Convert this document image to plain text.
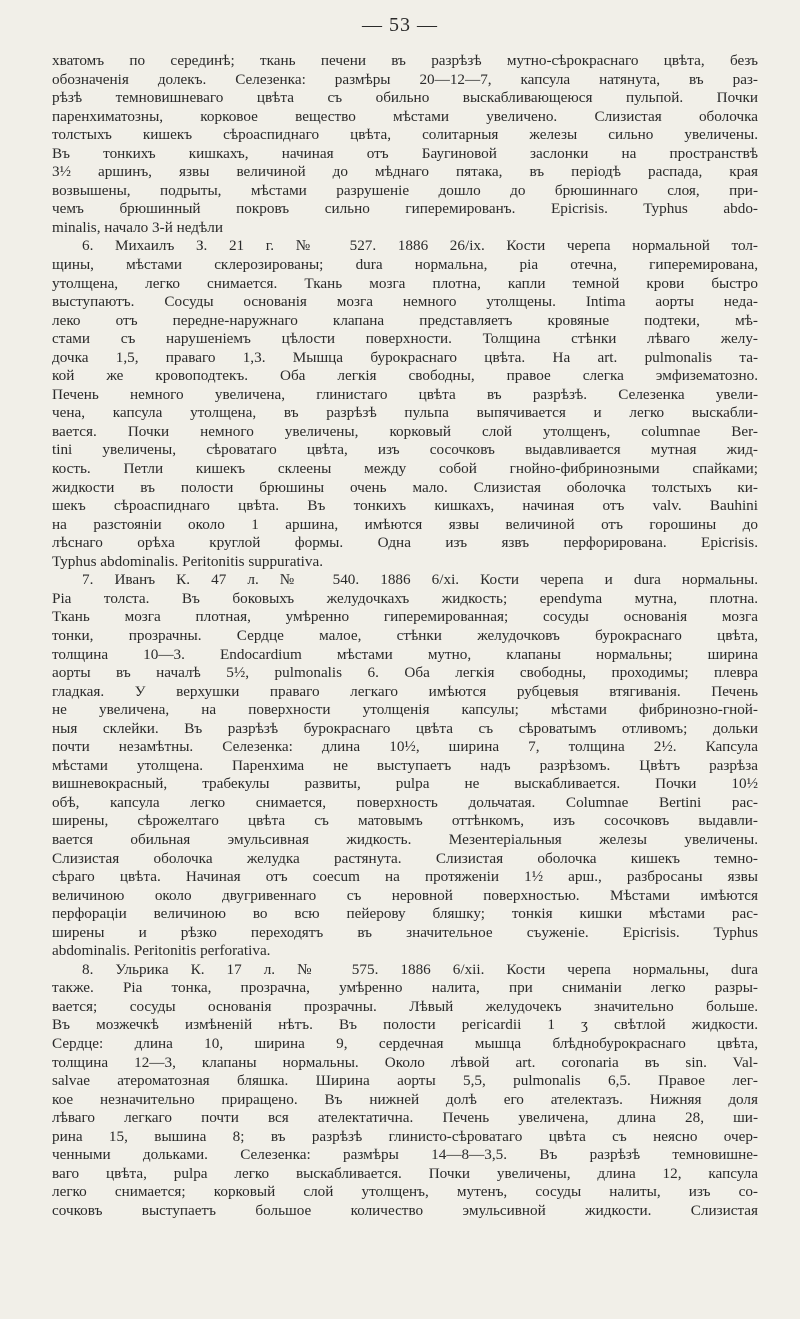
— 53 —
хватомъ по серединѣ; ткань печени въ разрѣзѣ мутно-сѣрокраснаго цвѣта, безъ
обозначенія долекъ. Селезенка: размѣры 20—12—7, капсула натянута, въ раз-
рѣзѣ темновишневаго цвѣта съ обильно выскабливающеюся пульпой. Почки
паренхиматозны, корковое вещество мѣстами увеличено. Слизистая оболочка
толстыхъ кишекъ сѣроаспиднаго цвѣта, солитарныя железы сильно увеличены.
Въ тонкихъ кишкахъ, начиная отъ Баугиновой заслонки на пространствѣ
3½ аршинъ, язвы величиной до мѣднаго пятака, въ періодѣ распада, края
возвышены, подрыты, мѣстами разрушеніе дошло до брюшиннаго слоя, при-
чемъ брюшинный покровъ сильно гиперемированъ. Epicrisis. Typhus abdo-
minalis, начало 3-й недѣли
6. Михаилъ З. 21 г. № 527. 1886 26/ix. Кости черепа нормальной тол-
щины, мѣстами склерозированы; dura нормальна, pia отечна, гиперемирована,
утолщена, легко снимается. Ткань мозга плотна, капли темной крови быстро
выступаютъ. Сосуды основанія мозга немного утолщены. Intima аорты неда-
леко отъ передне-наружнаго клапана представляетъ кровяные подтеки, мѣ-
стами съ нарушеніемъ цѣлости поверхности. Толщина стѣнки лѣваго желу-
дочка 1,5, праваго 1,3. Мышца бурокраснаго цвѣта. На art. pulmonalis та-
кой же кровоподтекъ. Оба легкія свободны, правое слегка эмфизематозно.
Печень немного увеличена, глинистаго цвѣта въ разрѣзѣ. Селезенка увели-
чена, капсула утолщена, въ разрѣзѣ пульпа выпячивается и легко выскабли-
вается. Почки немного увеличены, корковый слой утолщенъ, columnae Ber-
tini увеличены, сѣроватаго цвѣта, изъ сосочковъ выдавливается мутная жид-
кость. Петли кишекъ склеены между собой гнойно-фибринозными спайками;
жидкости въ полости брюшины очень мало. Слизистая оболочка толстыхъ ки-
шекъ сѣроаспиднаго цвѣта. Въ тонкихъ кишкахъ, начиная отъ valv. Bauhini
на разстояніи около 1 аршина, имѣются язвы величиной отъ горошины до
лѣснаго орѣха круглой формы. Одна изъ язвъ перфорирована. Epicrisis.
Typhus abdominalis. Peritonitis suppurativa.
7. Иванъ К. 47 л. № 540. 1886 6/xi. Кости черепа и dura нормальны.
Pia толста. Въ боковыхъ желудочкахъ жидкость; ependyma мутна, плотна.
Ткань мозга плотная, умѣренно гиперемированная; сосуды основанія мозга
тонки, прозрачны. Сердце малое, стѣнки желудочковъ бурокраснаго цвѣта,
толщина 10—3. Endocardium мѣстами мутно, клапаны нормальны; ширина
аорты въ началѣ 5½, pulmonalis 6. Оба легкія свободны, проходимы; плевра
гладкая. У верхушки праваго легкаго имѣются рубцевыя втягиванія. Печень
не увеличена, на поверхности утолщенія капсулы; мѣстами фибринозно-гной-
ныя склейки. Въ разрѣзѣ бурокраснаго цвѣта съ сѣроватымъ отливомъ; дольки
почти незамѣтны. Селезенка: длина 10½, ширина 7, толщина 2½. Капсула
мѣстами утолщена. Паренхима не выступаетъ надъ разрѣзомъ. Цвѣтъ разрѣза
вишневокрасный, трабекулы развиты, pulpa не выскабливается. Почки 10½
обѣ, капсула легко снимается, поверхность дольчатая. Columnae Bertini рас-
ширены, сѣрожелтаго цвѣта съ матовымъ оттѣнкомъ, изъ сосочковъ выдавли-
вается обильная эмульсивная жидкость. Мезентеріальныя железы увеличены.
Слизистая оболочка желудка растянута. Слизистая оболочка кишекъ темно-
сѣраго цвѣта. Начиная отъ coecum на протяженіи 1½ арш., разбросаны язвы
величиною около двугривеннаго съ неровной поверхностью. Мѣстами имѣются
перфораціи величиною во всю пейерову бляшку; тонкія кишки мѣстами рас-
ширены и рѣзко переходятъ въ значительное съуженіе. Epicrisis. Typhus
abdominalis. Peritonitis perforativa.
8. Ульрика К. 17 л. № 575. 1886 6/xii. Кости черепа нормальны, dura
также. Pia тонка, прозрачна, умѣренно налита, при сниманіи легко разры-
вается; сосуды основанія прозрачны. Лѣвый желудочекъ значительно больше.
Въ мозжечкѣ измѣненій нѣтъ. Въ полости регісаrdii 1 ʒ свѣтлой жидкости.
Сердце: длина 10, ширина 9, сердечная мышца блѣднобурокраснаго цвѣта,
толщина 12—3, клапаны нормальны. Около лѣвой art. coronaria въ sin. Val-
salvae атероматозная бляшка. Ширина аорты 5,5, pulmonalis 6,5. Правое лег-
кое незначительно приращено. Въ нижней долѣ его ателектазъ. Нижняя доля
лѣваго легкаго почти вся ателектатична. Печень увеличена, длина 28, ши-
рина 15, вышина 8; въ разрѣзѣ глинисто-сѣроватаго цвѣта съ неясно очер-
ченными дольками. Селезенка: размѣры 14—8—3,5. Въ разрѣзѣ темновишне-
ваго цвѣта, pulpa легко выскабливается. Почки увеличены, длина 12, капсула
легко снимается; корковый слой утолщенъ, мутенъ, сосуды налиты, изъ со-
сочковъ выступаетъ большое количество эмульсивной жидкости. Слизистая
